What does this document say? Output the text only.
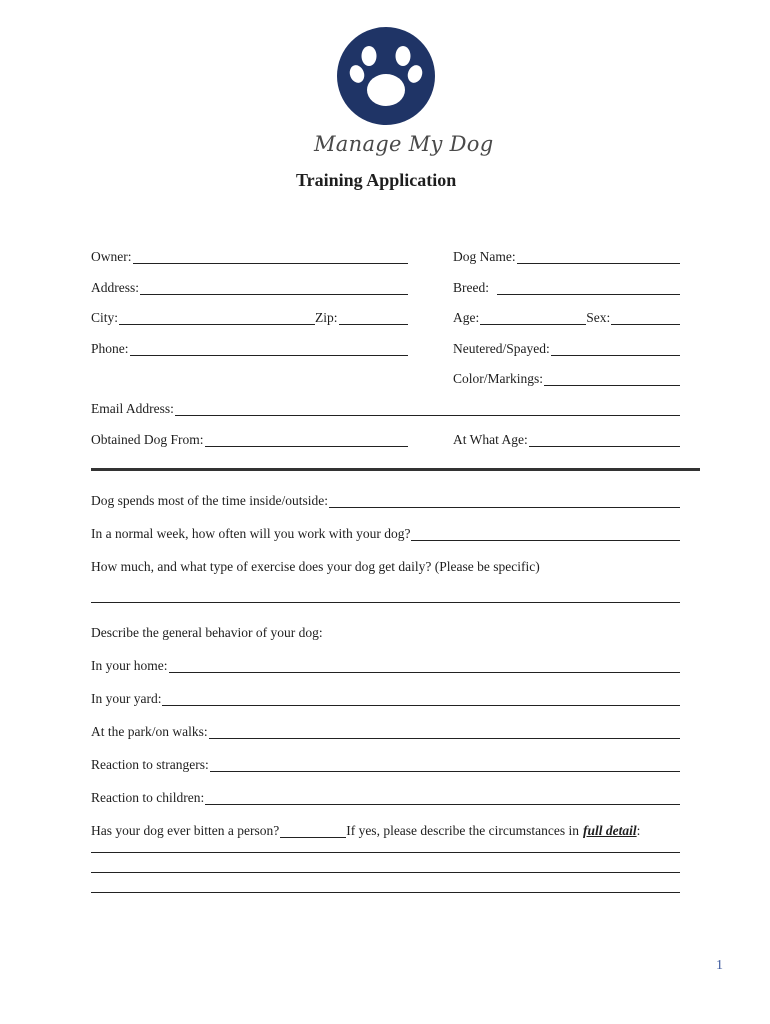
Manage My Dog
Training Application
Owner:	Dog Name:
Address:	Breed:
City:	Zip:	Age:	Sex:
Phone:	Neutered/Spayed:
Color/Markings:
Email Address:
Obtained Dog From:	At What Age:
Dog spends most of the time inside/outside:
In a normal week, how often will you work with your dog?
How much, and what type of exercise does your dog get daily? (Please be specific)
Describe the general behavior of your dog:
In your home:
In your yard:
At the park/on walks:
Reaction to strangers:
Reaction to children:
Has your dog ever bitten a person?	If yes, please describe the circumstances in full detail :
1
